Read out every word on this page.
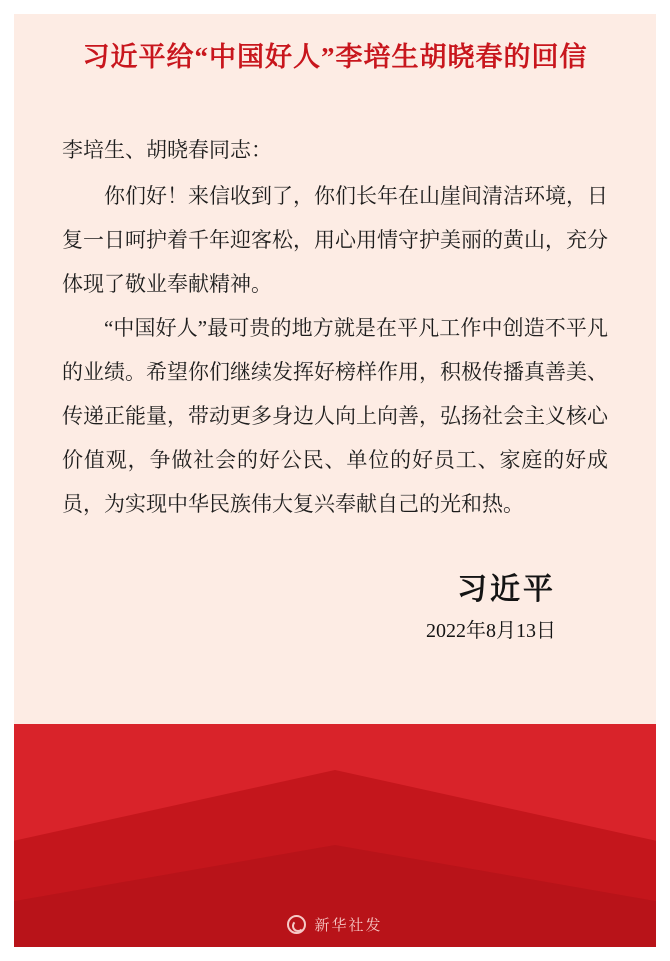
习近平给“中国好人”李培生胡晓春的回信

李培生、胡晓春同志：

你们好！来信收到了，你们长年在山崖间清洁环境，日复一日呵护着千年迎客松，用心用情守护美丽的黄山，充分体现了敬业奉献精神。

“中国好人”最可贵的地方就是在平凡工作中创造不平凡的业绩。希望你们继续发挥好榜样作用，积极传播真善美、传递正能量，带动更多身边人向上向善，弘扬社会主义核心价值观，争做社会的好公民、单位的好员工、家庭的好成员，为实现中华民族伟大复兴奉献自己的光和热。

习近平
2022年8月13日
新华社发
